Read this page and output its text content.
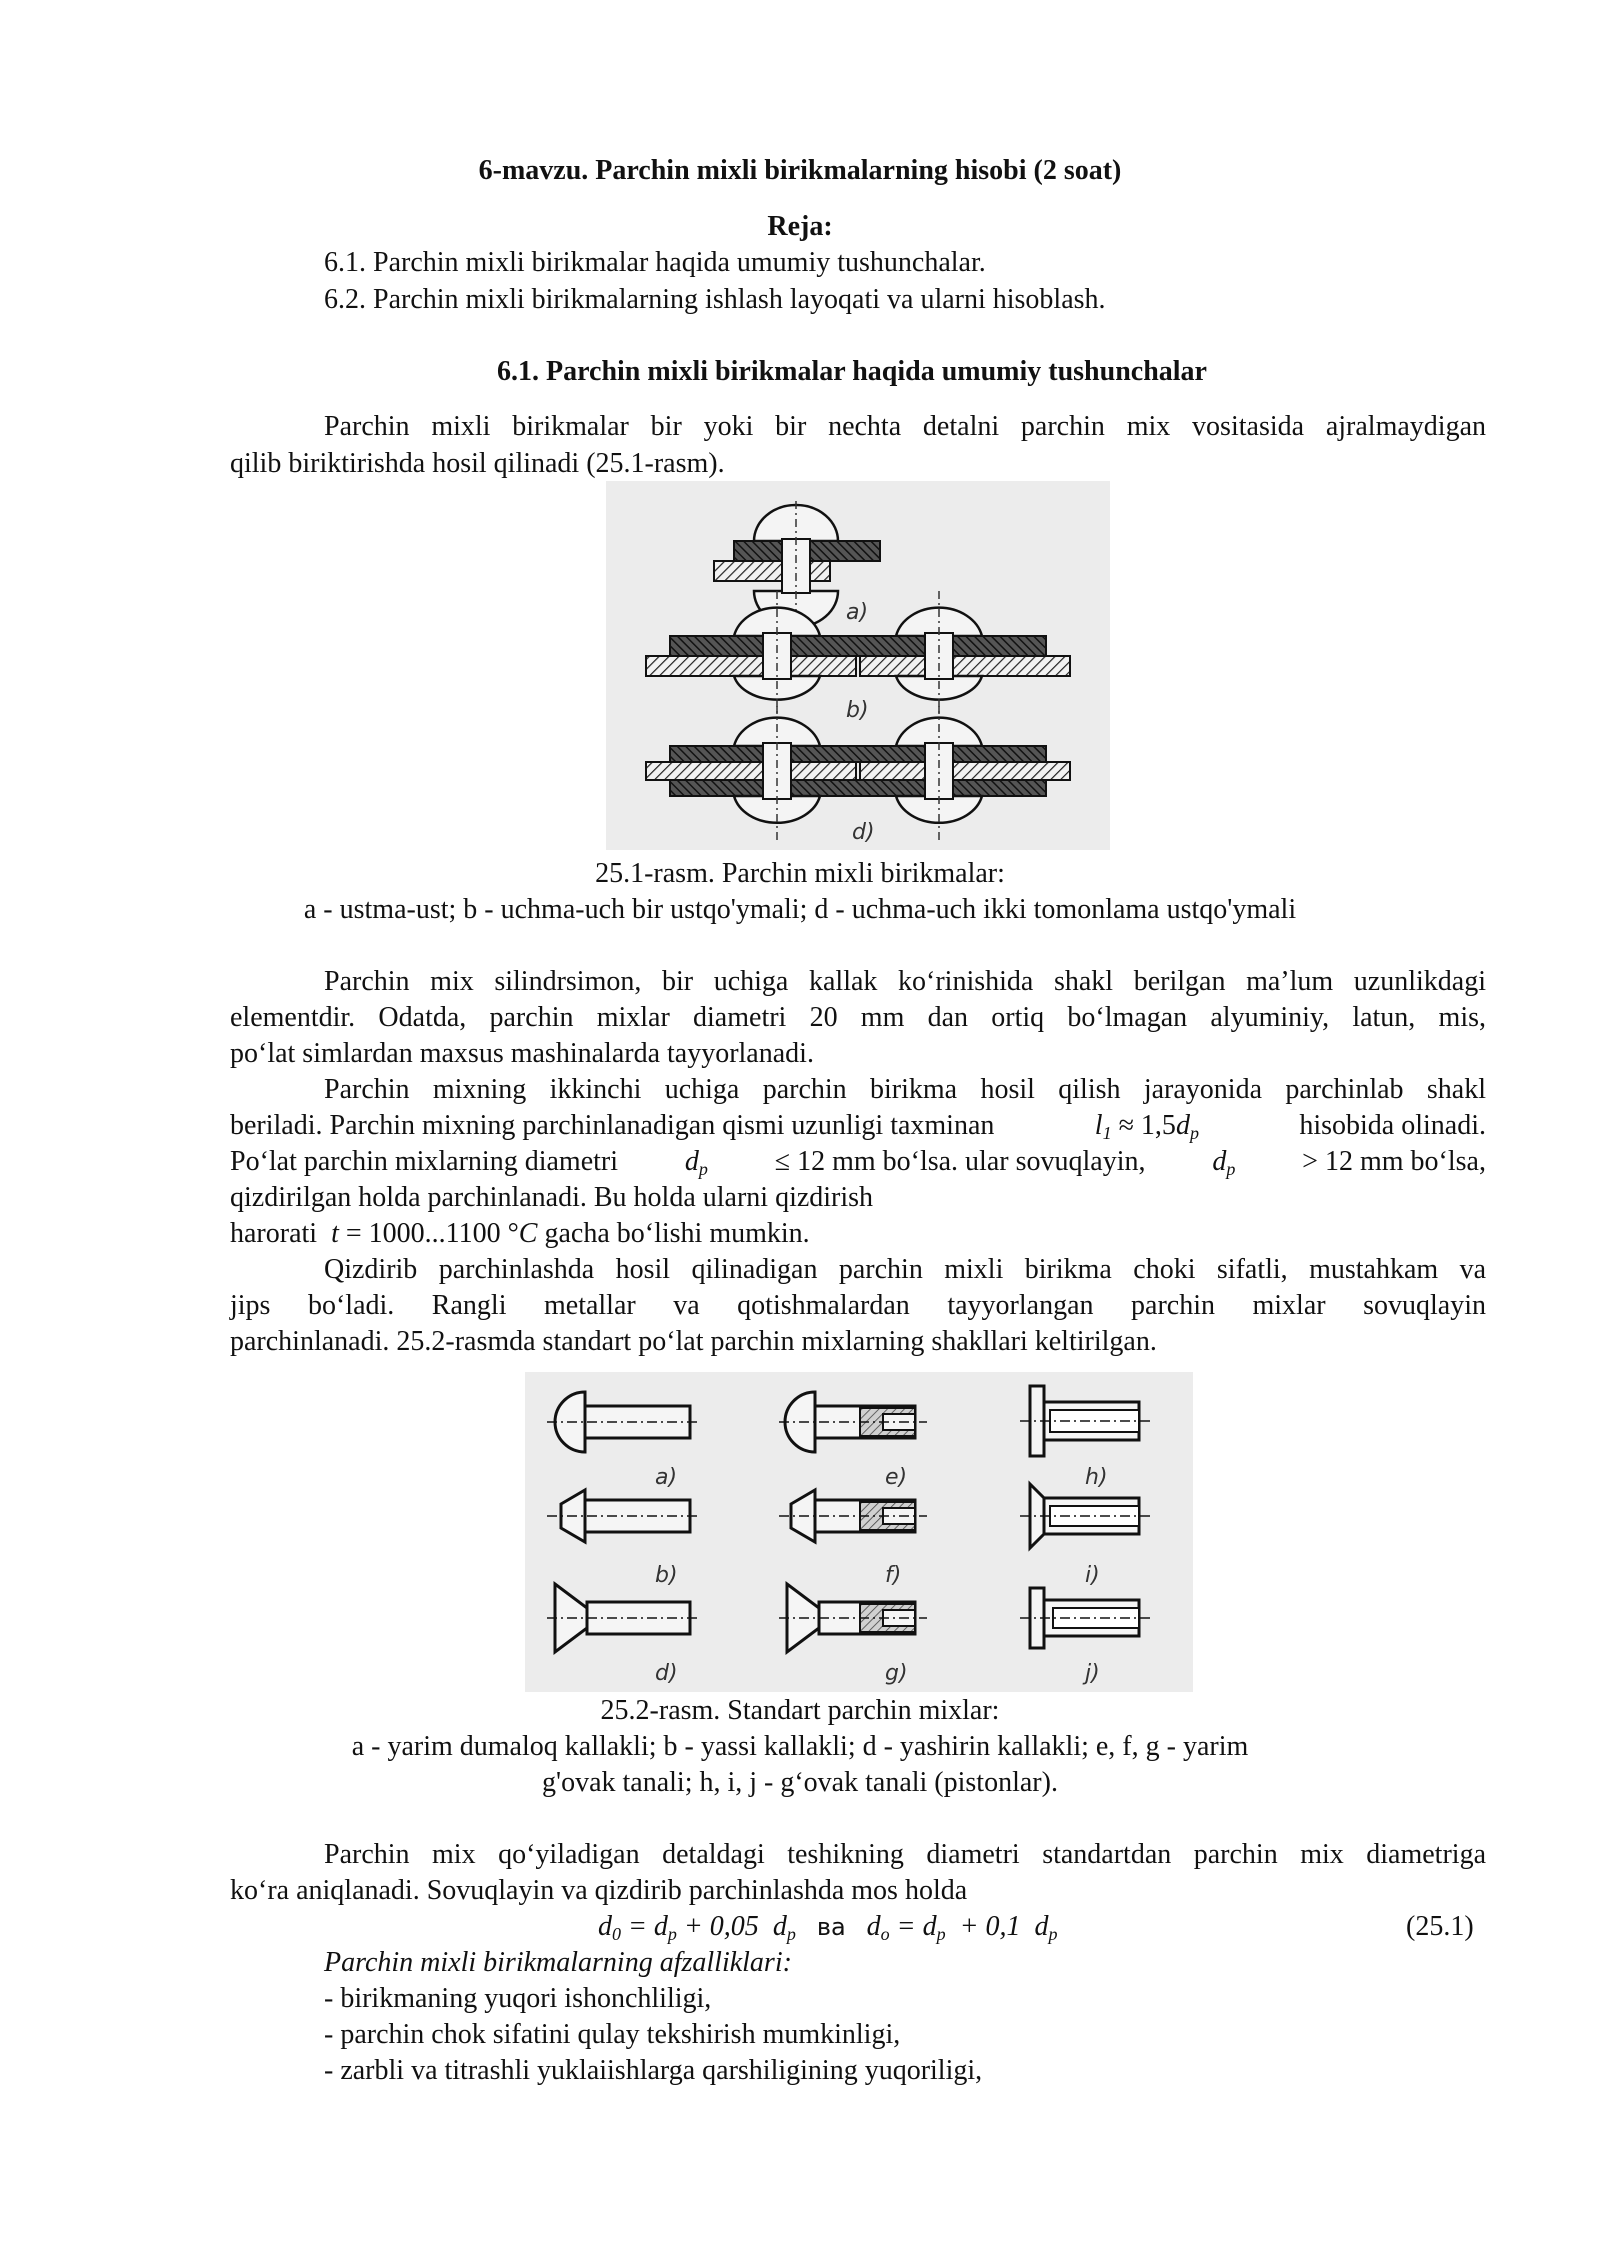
6-mavzu. Parchin mixli birikmalarning hisobi (2 soat)
Reja:
6.1. Parchin mixli birikmalar haqida umumiy tushunchalar.
6.2. Parchin mixli birikmalarning ishlash layoqati va ularni hisoblash.
6.1. Parchin mixli birikmalar haqida umumiy tushunchalar
Parchin mixli birikmalar bir yoki bir nechta detalni parchin mix vositasida ajralmaydigan
qilib biriktirishda hosil qilinadi (25.1-rasm).
a)
b)
d)
25.1-rasm. Parchin mixli birikmalar:
a - ustma-ust; b - uchma-uch bir ustqo'ymali; d - uchma-uch ikki tomonlama ustqo'ymali
Parchin mix silindrsimon, bir uchiga kallak ko‘rinishida shakl berilgan ma’lum uzunlikdagi
elementdir. Odatda, parchin mixlar diametri 20 mm dan ortiq bo‘lmagan alyuminiy, latun, mis,
po‘lat simlardan maxsus mashinalarda tayyorlanadi.
Parchin mixning ikkinchi uchiga parchin birikma hosil qilish jarayonida parchinlab shakl
beriladi. Parchin mixning parchinlanadigan qismi uzunligi taxminan	$l_1 \approx 1,5d_p$	hisobida olinadi.
Po‘lat parchin mixlarning diametri $d_p \le 12$ mm bo‘lsa. ular sovuqlayin, $d_p > 12$ mm bo‘lsa,
qizdirilgan holda parchinlanadi. Bu holda ularni qizdirish
harorati t = 1000...1100 °C gacha bo‘lishi mumkin.
Qizdirib parchinlashda hosil qilinadigan parchin mixli birikma choki sifatli, mustahkam va
jips bo‘ladi. Rangli metallar va qotishmalardan tayyorlangan parchin mixlar sovuqlayin
parchinlanadi. 25.2-rasmda standart po‘lat parchin mixlarning shakllari keltirilgan.
a)
b)
d)
e)
f)
g)
h)
i)
j)
25.2-rasm. Standart parchin mixlar:
a - yarim dumaloq kallakli; b - yassi kallakli; d - yashirin kallakli; e, f, g - yarim
g'ovak tanali; h, i, j - g‘ovak tanali (pistonlar).
Parchin mix qo‘yiladigan detaldagi teshikning diametri standartdan parchin mix diametriga
ko‘ra aniqlanadi. Sovuqlayin va qizdirib parchinlashda mos holda
$d_0 = d_p + 0,05$ $d_p$ ва $d_o = d_p + 0,1$ $d_p$	(25.1)
Parchin mixli birikmalarning afzalliklari:
- birikmaning yuqori ishonchliligi,
- parchin chok sifatini qulay tekshirish mumkinligi,
- zarbli va titrashli yuklaiishlarga qarshiligining yuqoriligi,
